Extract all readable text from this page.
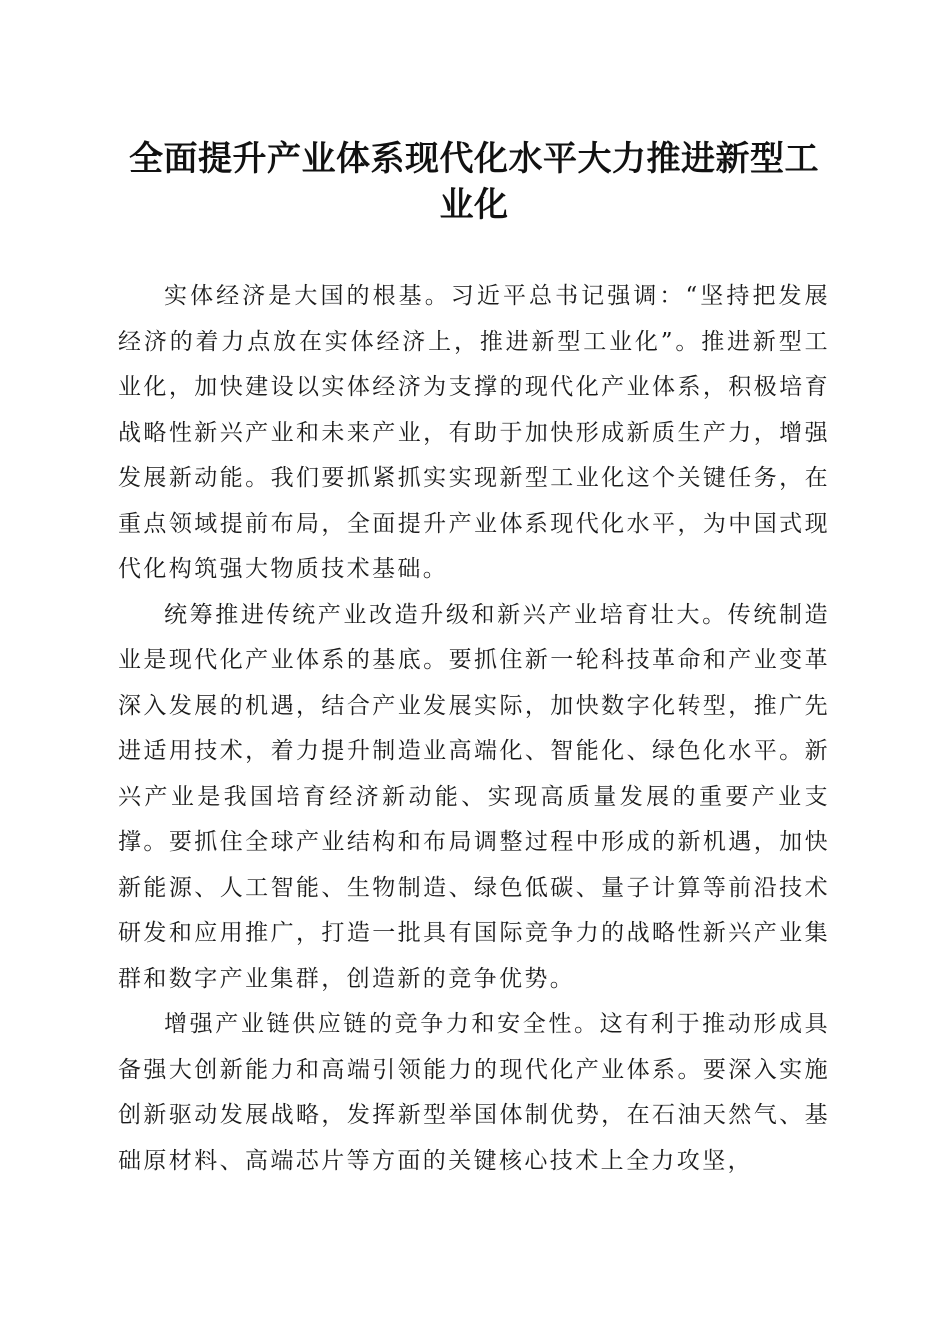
全面提升产业体系现代化水平大力推进新型工业化

实体经济是大国的根基。习近平总书记强调：“坚持把发展经济的着力点放在实体经济上，推进新型工业化”。推进新型工业化，加快建设以实体经济为支撑的现代化产业体系，积极培育战略性新兴产业和未来产业，有助于加快形成新质生产力，增强发展新动能。我们要抓紧抓实实现新型工业化这个关键任务，在重点领域提前布局，全面提升产业体系现代化水平，为中国式现代化构筑强大物质技术基础。

统筹推进传统产业改造升级和新兴产业培育壮大。传统制造业是现代化产业体系的基底。要抓住新一轮科技革命和产业变革深入发展的机遇，结合产业发展实际，加快数字化转型，推广先进适用技术，着力提升制造业高端化、智能化、绿色化水平。新兴产业是我国培育经济新动能、实现高质量发展的重要产业支撑。要抓住全球产业结构和布局调整过程中形成的新机遇，加快新能源、人工智能、生物制造、绿色低碳、量子计算等前沿技术研发和应用推广，打造一批具有国际竞争力的战略性新兴产业集群和数字产业集群，创造新的竞争优势。

增强产业链供应链的竞争力和安全性。这有利于推动形成具备强大创新能力和高端引领能力的现代化产业体系。要深入实施创新驱动发展战略，发挥新型举国体制优势，在石油天然气、基础原材料、高端芯片等方面的关键核心技术上全力攻坚，
